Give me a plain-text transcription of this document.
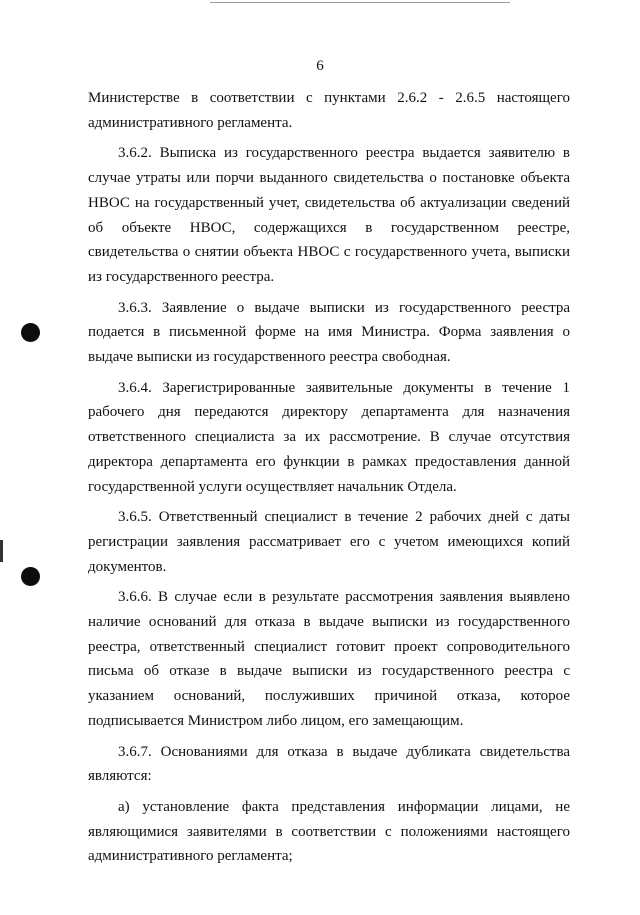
6

Министерстве в соответствии с пунктами 2.6.2 - 2.6.5 настоящего административного регламента.

3.6.2. Выписка из государственного реестра выдается заявителю в случае утраты или порчи выданного свидетельства о постановке объекта НВОС на государственный учет, свидетельства об актуализации сведений об объекте НВОС, содержащихся в государственном реестре, свидетельства о снятии объекта НВОС с государственного учета, выписки из государственного реестра.

3.6.3. Заявление о выдаче выписки из государственного реестра подается в письменной форме на имя Министра. Форма заявления о выдаче выписки из государственного реестра свободная.

3.6.4. Зарегистрированные заявительные документы в течение 1 рабочего дня передаются директору департамента для назначения ответственного специалиста за их рассмотрение. В случае отсутствия директора департамента его функции в рамках предоставления данной государственной услуги осуществляет начальник Отдела.

3.6.5. Ответственный специалист в течение 2 рабочих дней с даты регистрации заявления рассматривает его с учетом имеющихся копий документов.

3.6.6. В случае если в результате рассмотрения заявления выявлено наличие оснований для отказа в выдаче выписки из государственного реестра, ответственный специалист готовит проект сопроводительного письма об отказе в выдаче выписки из государственного реестра с указанием оснований, послуживших причиной отказа, которое подписывается Министром либо лицом, его замещающим.

3.6.7. Основаниями для отказа в выдаче дубликата свидетельства являются:

а) установление факта представления информации лицами, не являющимися заявителями в соответствии с положениями настоящего административного регламента;
